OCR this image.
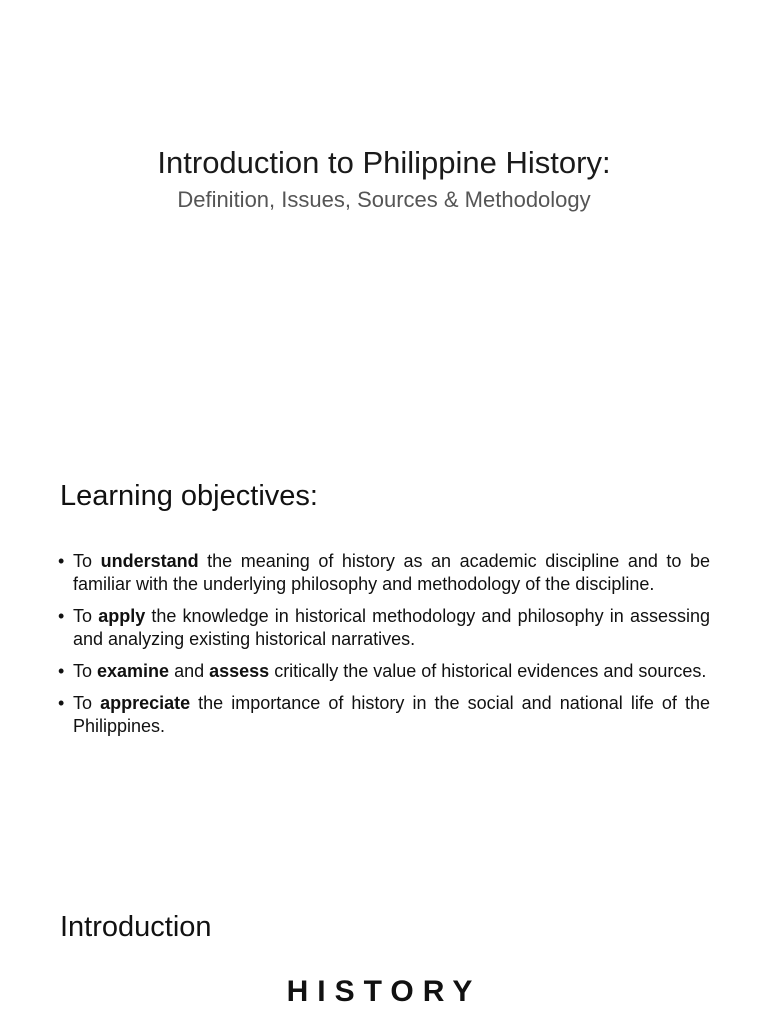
Introduction to Philippine History:
Definition, Issues, Sources & Methodology
Learning objectives:
• To understand the meaning of history as an academic discipline and to be familiar with the underlying philosophy and methodology of the discipline.
• To apply the knowledge in historical methodology and philosophy in assessing and analyzing existing historical narratives.
• To examine and assess critically the value of historical evidences and sources.
• To appreciate the importance of history in the social and national life of the Philippines.
Introduction
HISTORY
